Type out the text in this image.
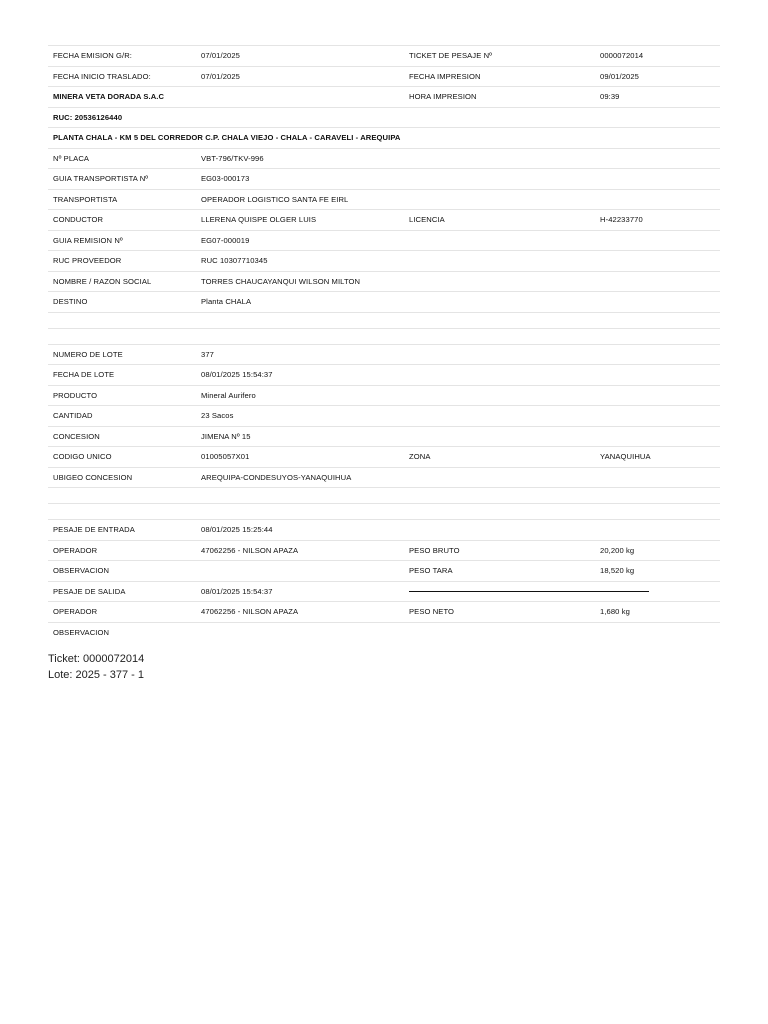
FECHA EMISION G/R:	07/01/2025	TICKET DE PESAJE Nº	0000072014
FECHA INICIO TRASLADO:	07/01/2025	FECHA IMPRESION	09/01/2025
MINERA VETA DORADA S.A.C	HORA IMPRESION	09:39
RUC: 20536126440
PLANTA CHALA - KM 5 DEL CORREDOR C.P. CHALA VIEJO - CHALA - CARAVELI - AREQUIPA
Nº PLACA	VBT-796/TKV-996
GUIA TRANSPORTISTA Nº	EG03-000173
TRANSPORTISTA	OPERADOR LOGISTICO SANTA FE EIRL
CONDUCTOR	LLERENA QUISPE OLGER LUIS	LICENCIA	H-42233770
GUIA REMISION Nº	EG07-000019
RUC PROVEEDOR	RUC 10307710345
NOMBRE / RAZON SOCIAL	TORRES CHAUCAYANQUI WILSON MILTON
DESTINO	Planta CHALA
NUMERO DE LOTE	377
FECHA DE LOTE	08/01/2025 15:54:37
PRODUCTO	Mineral Aurifero
CANTIDAD	23 Sacos
CONCESION	JIMENA Nº 15
CODIGO UNICO	01005057X01	ZONA	YANAQUIHUA
UBIGEO CONCESION	AREQUIPA-CONDESUYOS-YANAQUIHUA
PESAJE DE ENTRADA	08/01/2025 15:25:44
OPERADOR	47062256 - NILSON APAZA	PESO BRUTO	20,200 kg
OBSERVACION	PESO TARA	18,520 kg
PESAJE DE SALIDA	08/01/2025 15:54:37
OPERADOR	47062256 - NILSON APAZA	PESO NETO	1,680 kg
OBSERVACION
Ticket: 0000072014
Lote: 2025 - 377 - 1
